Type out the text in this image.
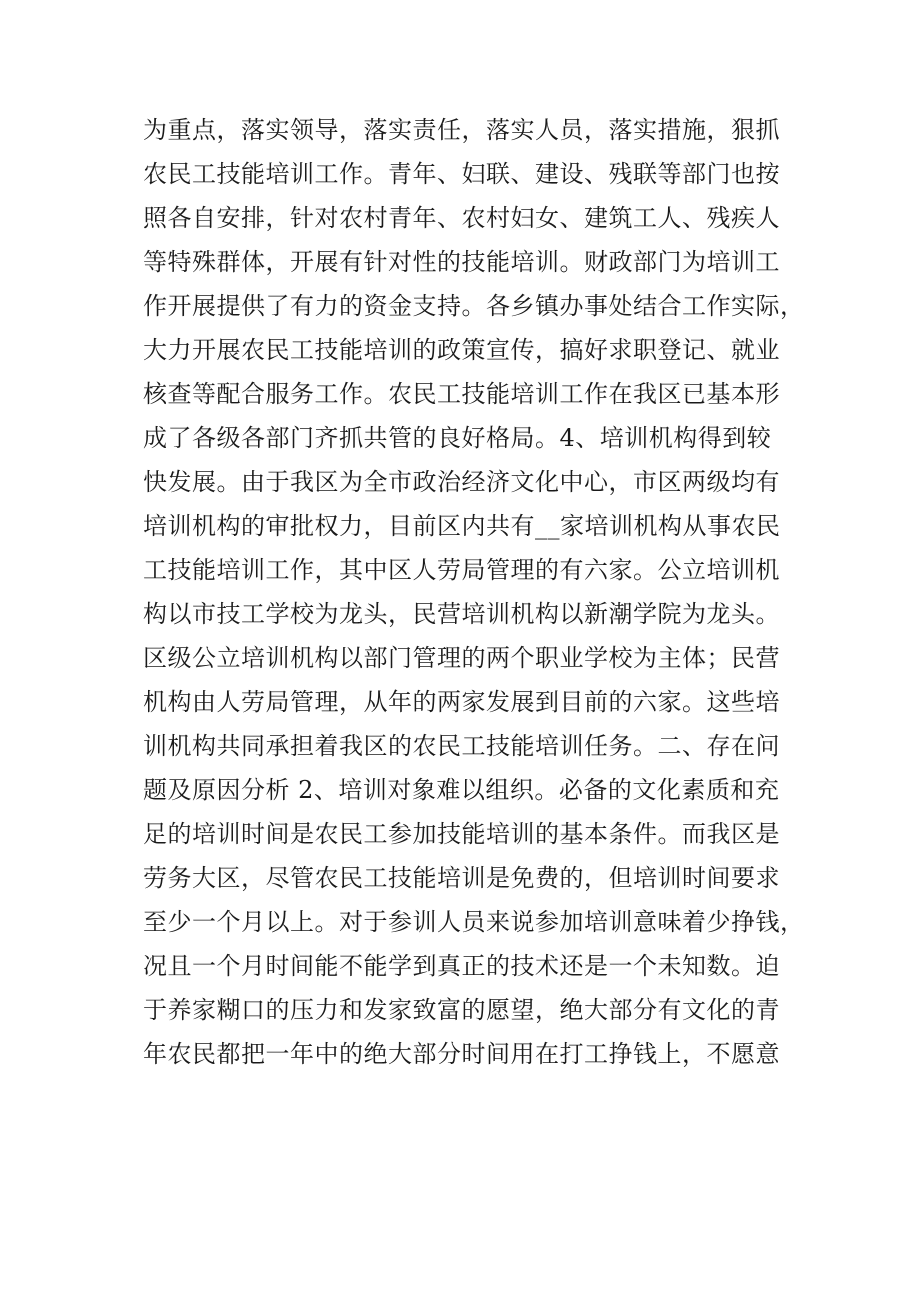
为重点，落实领导，落实责任，落实人员，落实措施，狠抓
农民工技能培训工作。青年、妇联、建设、残联等部门也按
照各自安排，针对农村青年、农村妇女、建筑工人、残疾人
等特殊群体，开展有针对性的技能培训。财政部门为培训工
作开展提供了有力的资金支持。各乡镇办事处结合工作实际，
大力开展农民工技能培训的政策宣传，搞好求职登记、就业
核查等配合服务工作。农民工技能培训工作在我区已基本形
成了各级各部门齐抓共管的良好格局。4、培训机构得到较
快发展。由于我区为全市政治经济文化中心，市区两级均有
培训机构的审批权力，目前区内共有__家培训机构从事农民
工技能培训工作，其中区人劳局管理的有六家。公立培训机
构以市技工学校为龙头，民营培训机构以新潮学院为龙头。
区级公立培训机构以部门管理的两个职业学校为主体；民营
机构由人劳局管理，从年的两家发展到目前的六家。这些培
训机构共同承担着我区的农民工技能培训任务。二、存在问
题及原因分析 2、培训对象难以组织。必备的文化素质和充
足的培训时间是农民工参加技能培训的基本条件。而我区是
劳务大区，尽管农民工技能培训是免费的，但培训时间要求
至少一个月以上。对于参训人员来说参加培训意味着少挣钱，
况且一个月时间能不能学到真正的技术还是一个未知数。迫
于养家糊口的压力和发家致富的愿望，绝大部分有文化的青
年农民都把一年中的绝大部分时间用在打工挣钱上，不愿意
